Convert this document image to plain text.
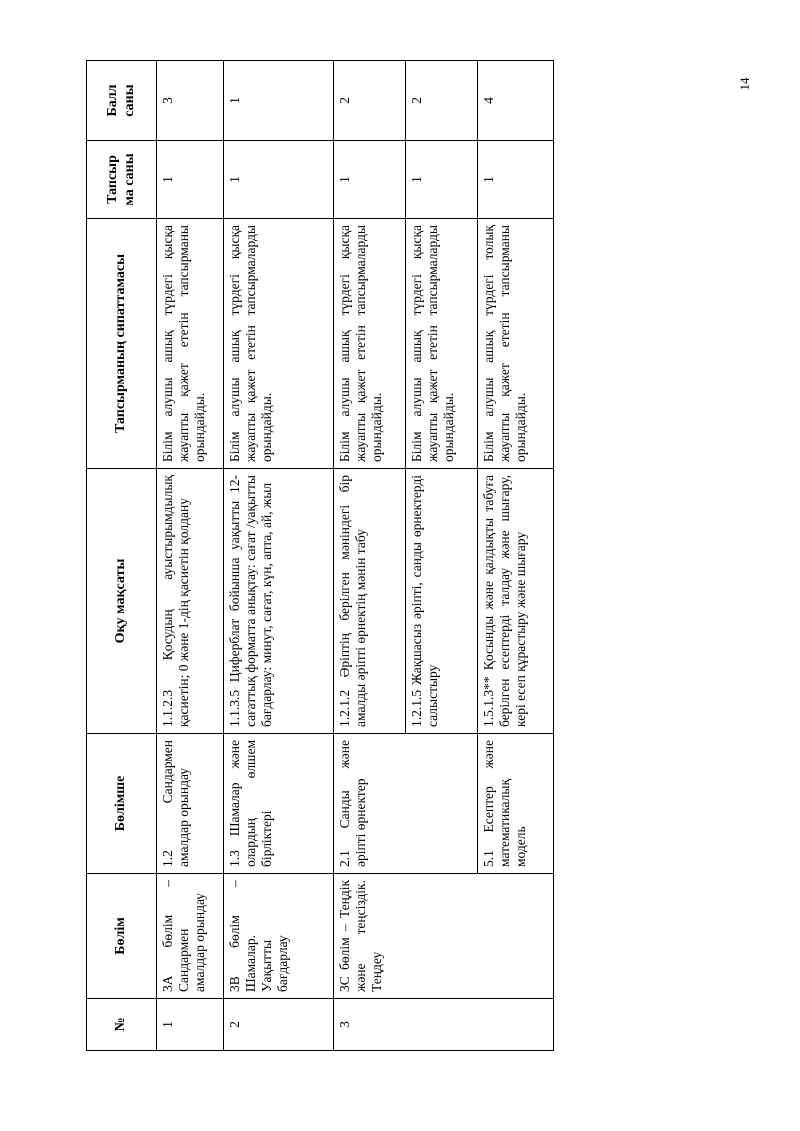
14
№	Бөлім	Бөлімше	Оқу мақсаты	Тапсырманың сипаттамасы	Тапсыр ма саны	Балл саны
1	3А бөлім – Сандармен амалдар орындау	1.2 Сандармен амалдар орындау	1.1.2.3 Қосудың ауыстырымдылық қасиетін; 0 және 1-дің қасиетін қолдану	Білім алушы ашық түрдегі қысқа жауапты қажет ететін тапсырманы орындайды.	1	3
2	3В бөлім – Шамалар. Уақытты бағдарлау	1.3 Шамалар және олардың өлшем бірліктері	1.1.3.5 Циферблат бойынша уақытты 12-сағаттық форматта анықтау: сағат /уақытты бағдарлау: минут, сағат, күн, апта, ай, жыл	Білім алушы ашық түрдегі қысқа жауапты қажет ететін тапсырмаларды орындайды.	1	1
3	3С бөлім – Теңдік және теңсіздік. Теңдеу	2.1 Санды және әріпті өрнектер	1.2.1.2 Әріптің берілген мәніндегі бір амалды әріпті өрнектің мәнін табу	Білім алушы ашық түрдегі қысқа жауапты қажет ететін тапсырмаларды орындайды.	1	2
			1.2.1.5 Жақшасыз әріпті, санды өрнектерді салыстыру	Білім алушы ашық түрдегі қысқа жауапты қажет ететін тапсырмаларды орындайды.	1	2
		5.1 Есептер және математикалық модель	1.5.1.3** Қосынды және қалдықты табуға берілген есептерді талдау және шығару, кері есеп құрастыру және шығару	Білім алушы ашық түрдегі толық жауапты қажет ететін тапсырманы орындайды.	1	4
